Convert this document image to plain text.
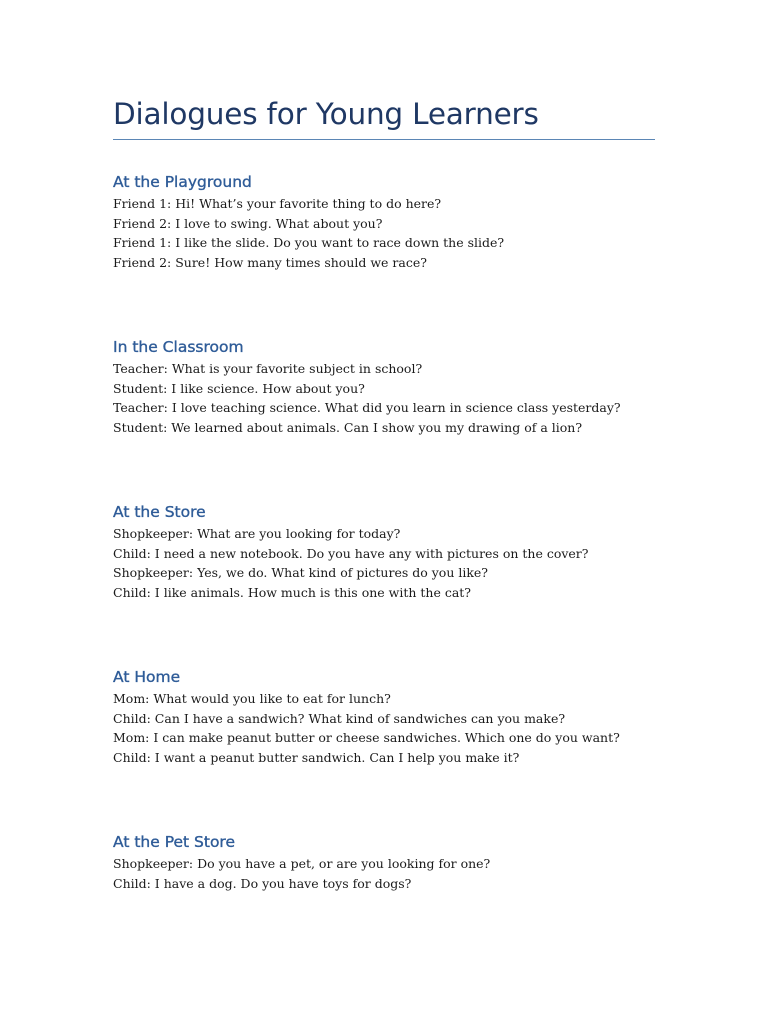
Dialogues for Young Learners
At the Playground
Friend 1: Hi! What’s your favorite thing to do here?
Friend 2: I love to swing. What about you?
Friend 1: I like the slide. Do you want to race down the slide?
Friend 2: Sure! How many times should we race?
In the Classroom
Teacher: What is your favorite subject in school?
Student: I like science. How about you?
Teacher: I love teaching science. What did you learn in science class yesterday?
Student: We learned about animals. Can I show you my drawing of a lion?
At the Store
Shopkeeper: What are you looking for today?
Child: I need a new notebook. Do you have any with pictures on the cover?
Shopkeeper: Yes, we do. What kind of pictures do you like?
Child: I like animals. How much is this one with the cat?
At Home
Mom: What would you like to eat for lunch?
Child: Can I have a sandwich? What kind of sandwiches can you make?
Mom: I can make peanut butter or cheese sandwiches. Which one do you want?
Child: I want a peanut butter sandwich. Can I help you make it?
At the Pet Store
Shopkeeper: Do you have a pet, or are you looking for one?
Child: I have a dog. Do you have toys for dogs?
